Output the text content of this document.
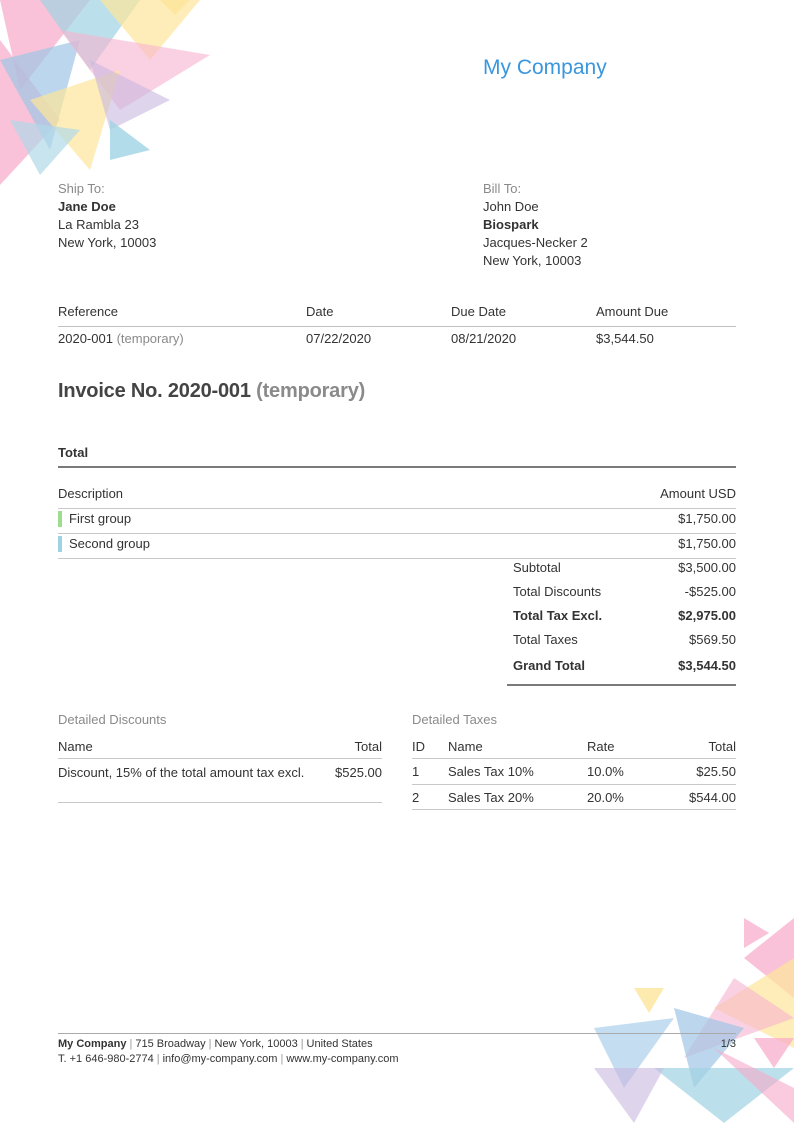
My Company
Ship To:
Jane Doe
La Rambla 23
New York, 10003
Bill To:
John Doe
Biospark
Jacques-Necker 2
New York, 10003
Reference	Date	Due Date	Amount Due
2020-001 (temporary)	07/22/2020	08/21/2020	$3,544.50
Invoice No. 2020-001 (temporary)
Total
Description	Amount USD
First group	$1,750.00
Second group	$1,750.00
Subtotal	$3,500.00
Total Discounts	-$525.00
Total Tax Excl.	$2,975.00
Total Taxes	$569.50
Grand Total	$3,544.50
Detailed Discounts
Name	Total
Discount, 15% of the total amount tax excl. $525.00
Detailed Taxes
ID Name	Rate	Total
1 Sales Tax 10%	10.0%	$25.50
2 Sales Tax 20%	20.0%	$544.00
My Company | 715 Broadway | New York, 10003 | United States
T. +1 646-980-2774 | info@my-company.com | www.my-company.com
1/3
